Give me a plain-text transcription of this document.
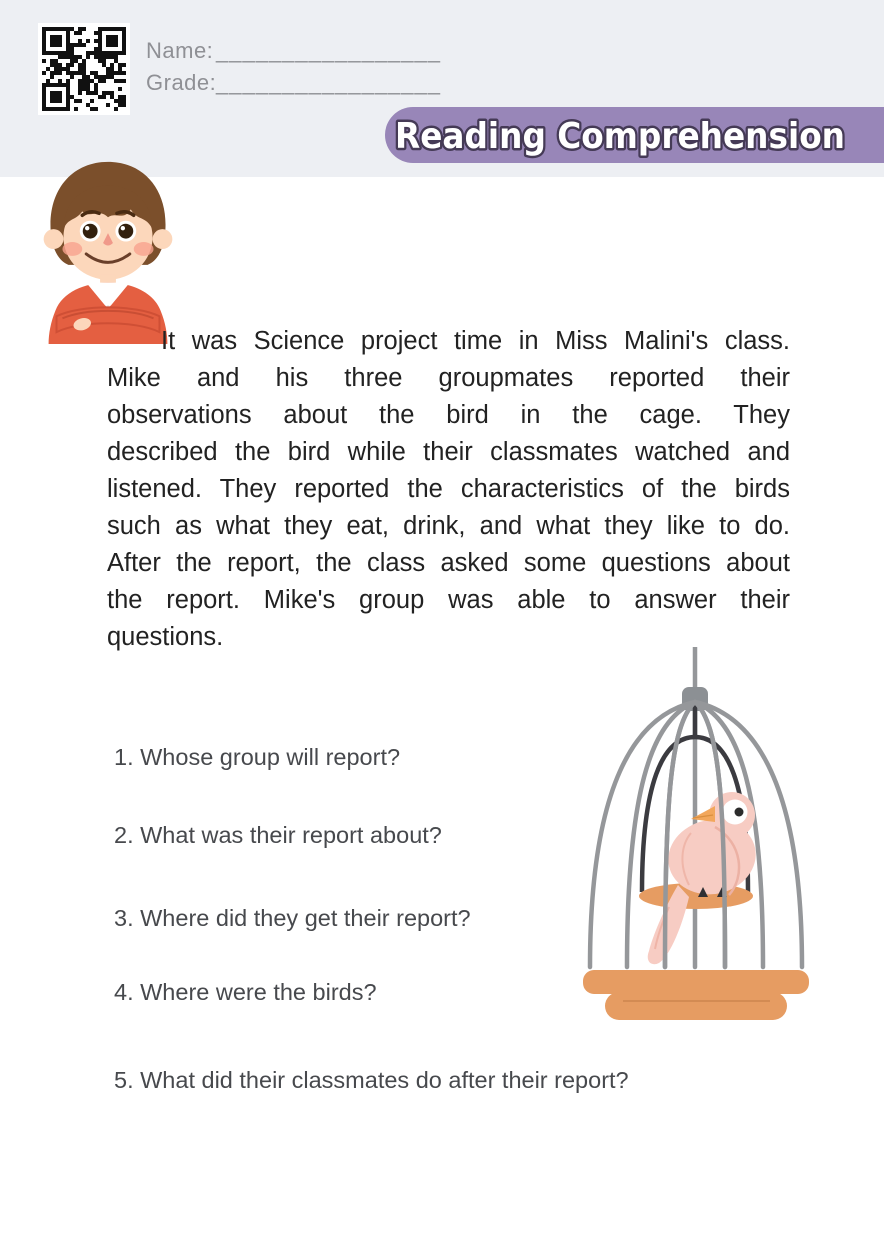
Name: _________________
Grade: _________________
Reading Comprehension
It was Science project time in Miss Malini's class.
Mike and his three groupmates reported their
observations about the bird in the cage. They
described the bird while their classmates watched and
listened. They reported the characteristics of the birds
such as what they eat, drink, and what they like to do.
After the report, the class asked some questions about
the report. Mike's group was able to answer their
questions.
1. Whose group will report?
2. What was their report about?
3. Where did they get their report?
4. Where were the birds?
5. What did their classmates do after their report?
